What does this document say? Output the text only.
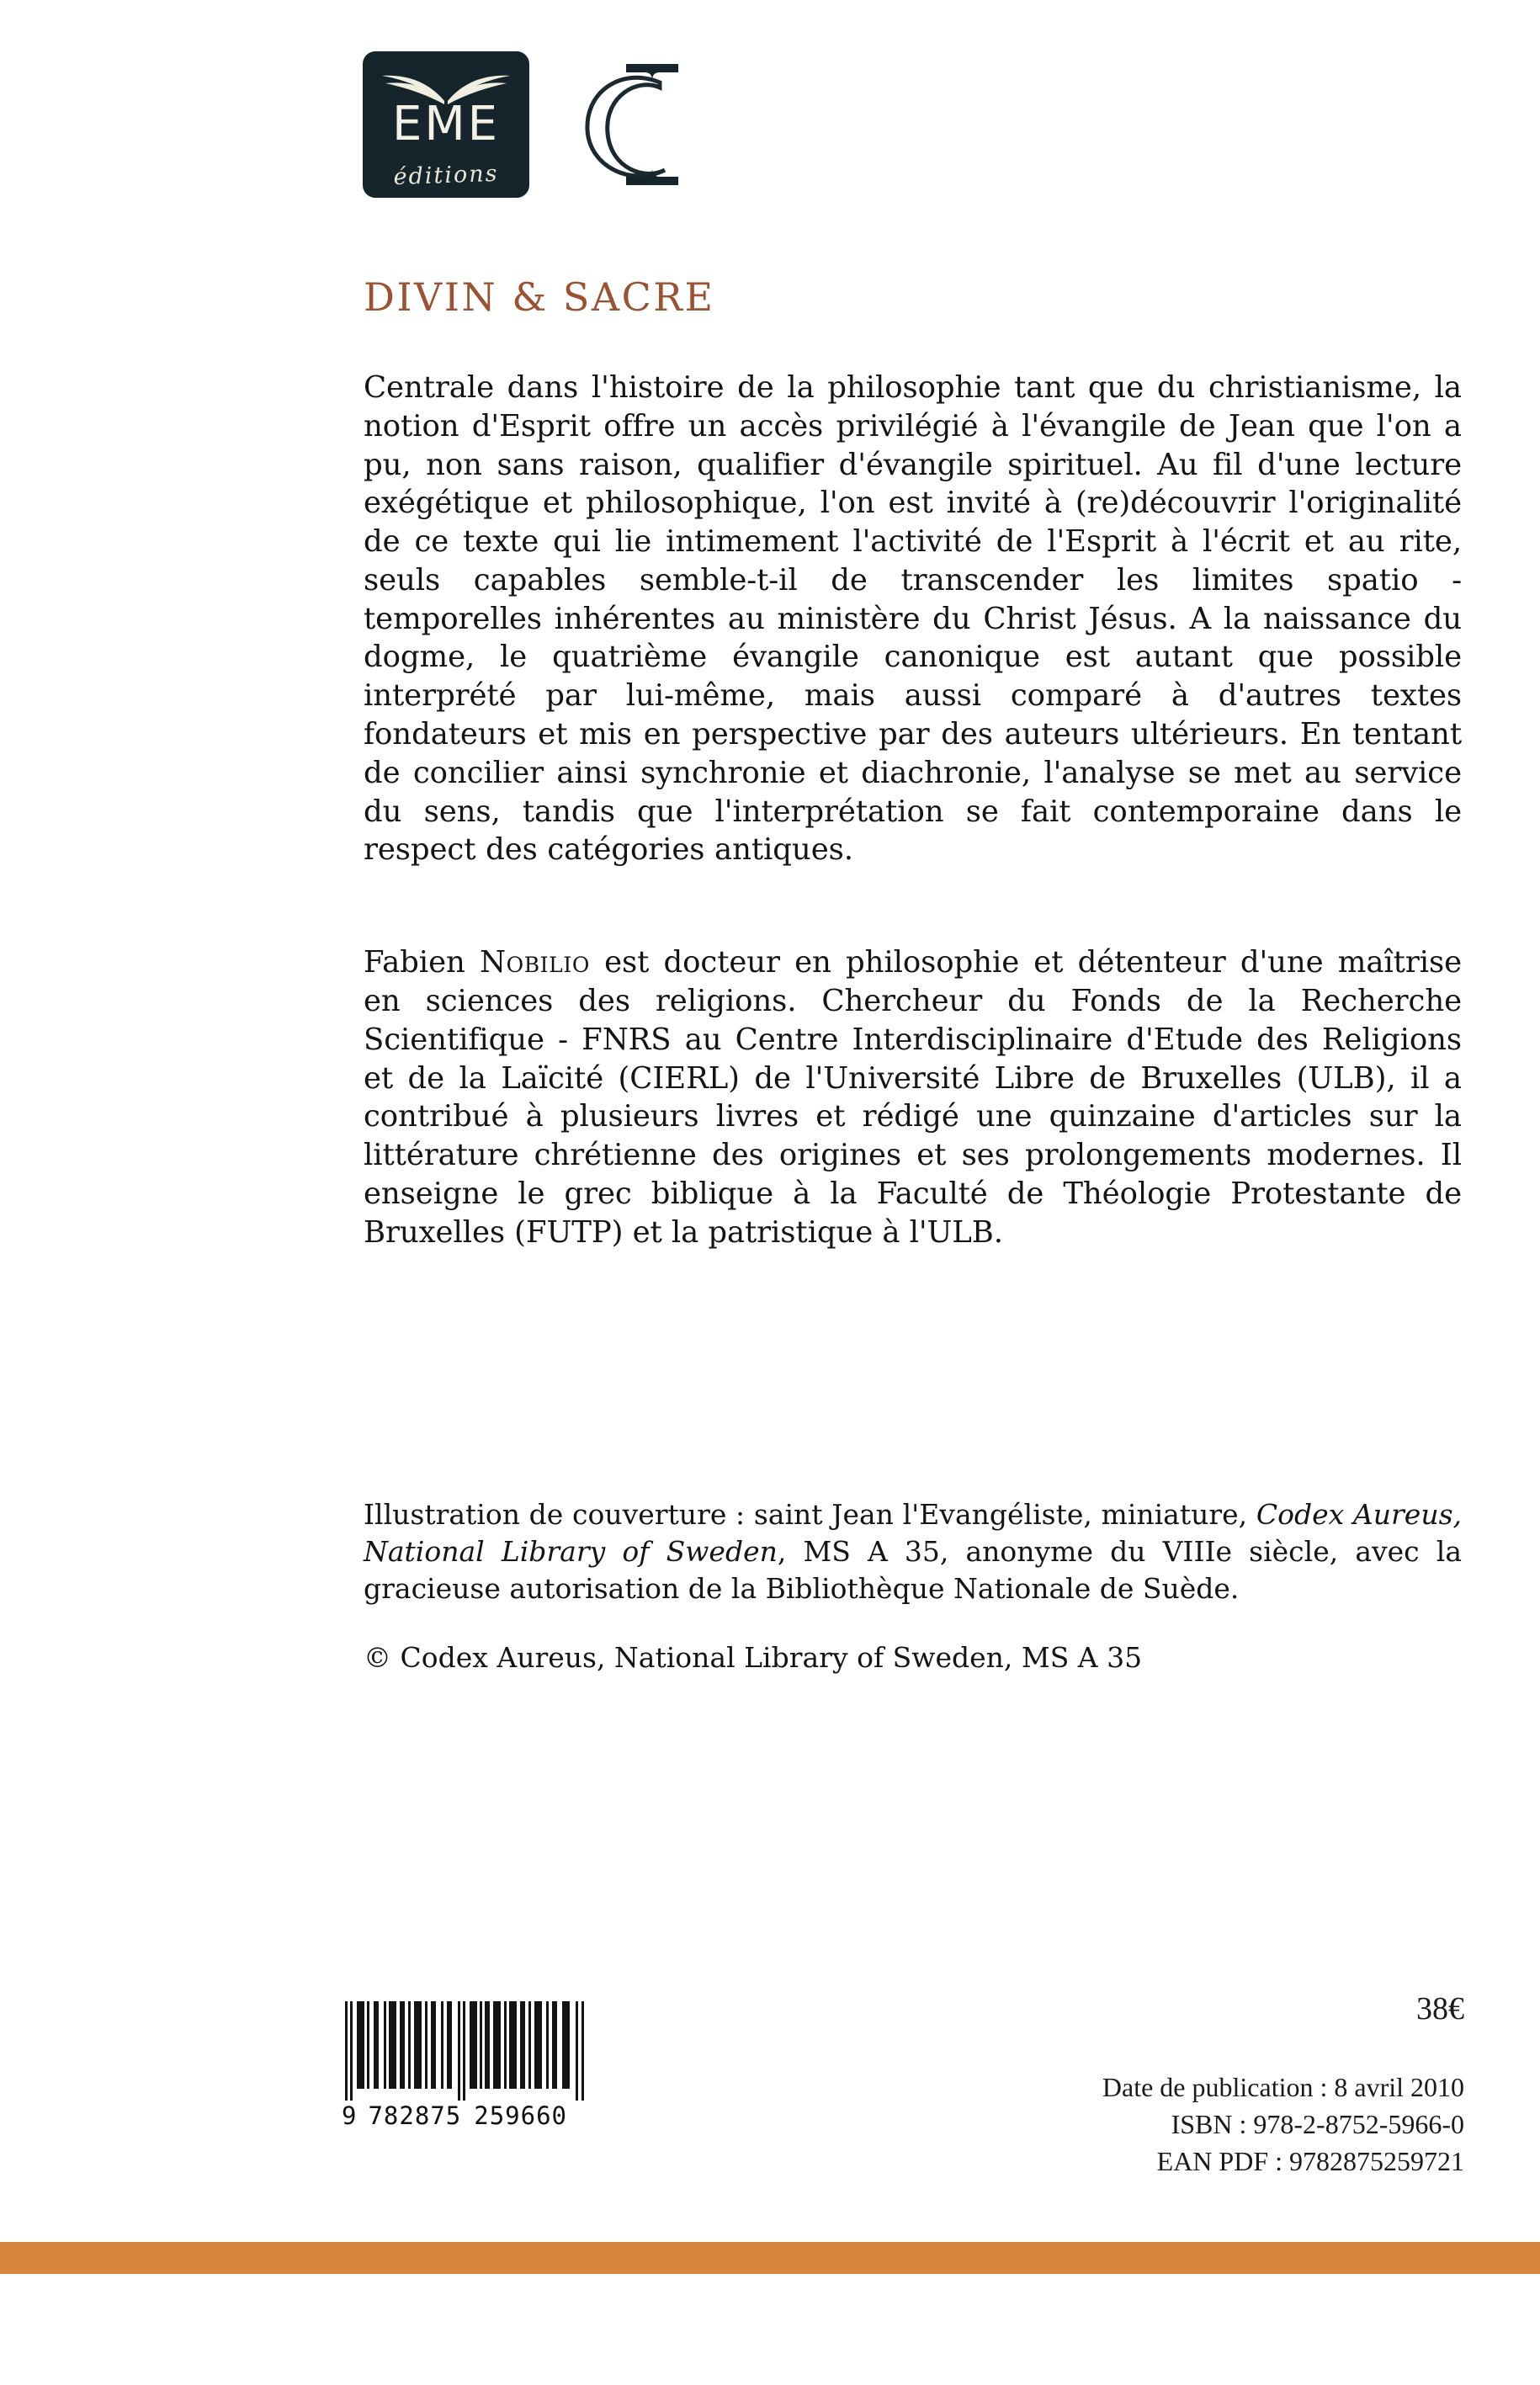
EME
éditions
DIVIN & SACRE

Centrale dans l'histoire de la philosophie tant que du christianisme, la notion d'Esprit offre un accès privilégié à l'évangile de Jean que l'on a pu, non sans raison, qualifier d'évangile spirituel. Au fil d'une lecture exégétique et philosophique, l'on est invité à (re)découvrir l'originalité de ce texte qui lie intimement l'activité de l'Esprit à l'écrit et au rite, seuls capables semble-t-il de transcender les limites spatio - temporelles inhérentes au ministère du Christ Jésus. A la naissance du dogme, le quatrième évangile canonique est autant que possible interprété par lui-même, mais aussi comparé à d'autres textes fondateurs et mis en perspective par des auteurs ultérieurs. En tentant de concilier ainsi synchronie et diachronie, l'analyse se met au service du sens, tandis que l'interprétation se fait contemporaine dans le respect des catégories antiques.

Fabien Nobilio est docteur en philosophie et détenteur d'une maîtrise en sciences des religions. Chercheur du Fonds de la Recherche Scientifique - FNRS au Centre Interdisciplinaire d'Etude des Religions et de la Laïcité (CIERL) de l'Université Libre de Bruxelles (ULB), il a contribué à plusieurs livres et rédigé une quinzaine d'articles sur la littérature chrétienne des origines et ses prolongements modernes. Il enseigne le grec biblique à la Faculté de Théologie Protestante de Bruxelles (FUTP) et la patristique à l'ULB.

Illustration de couverture : saint Jean l'Evangéliste, miniature, Codex Aureus, National Library of Sweden, MS A 35, anonyme du VIIIe siècle, avec la gracieuse autorisation de la Bibliothèque Nationale de Suède.

© Codex Aureus, National Library of Sweden, MS A 35

38€
Date de publication : 8 avril 2010
ISBN : 978-2-8752-5966-0
EAN PDF : 9782875259721
9 782875 259660
